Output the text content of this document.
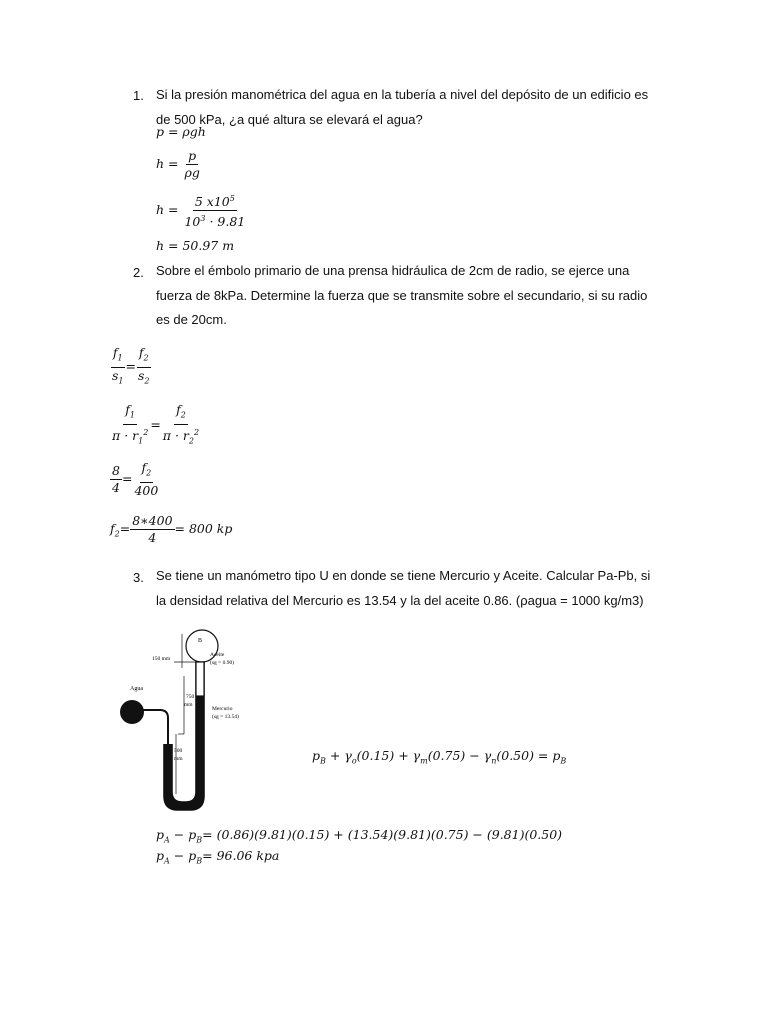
1. Si la presión manométrica del agua en la tubería a nivel del depósito de un edificio es
de 500 kPa, ¿a qué altura se elevará el agua?
p = ρgh
$h = \frac{p}{\rho g}$
$h = \frac{5 x10^5}{10^3 \cdot 9.81}$
h = 50.97 m
2. Sobre el émbolo primario de una prensa hidráulica de 2cm de radio, se ejerce una
fuerza de 8kPa. Determine la fuerza que se transmite sobre el secundario, si su radio
es de 20cm.
$\frac{f_1}{s_1} = \frac{f_2}{s_2}$
$\frac{f_1}{\pi \cdot r_1^2} = \frac{f_2}{\pi \cdot r_2^2}$
$\frac{8}{4} = \frac{f_2}{400}$
$f_2= \frac{8∗400}{4} = 800$ kp
3. Se tiene un manómetro tipo U en donde se tiene Mercurio y Aceite. Calcular Pa-Pb, si
la densidad relativa del Mercurio es 13.54 y la del aceite 0.86. (ρagua = 1000 kg/m3)
B
150 mm
Aceite
(sg = 0.90)
Agua
750
mm
Mercurio
(sg = 13.54)
500
mm	$p_B + \gamma_o(0.15) + \gamma_m(0.75) - \gamma_n(0.50) = p_B$
$p_A - p_B= (0.86)(9.81)(0.15) + (13.54)(9.81)(0.75) - (9.81)(0.50)$
$p_A - p_B= 96.06$ kpa
